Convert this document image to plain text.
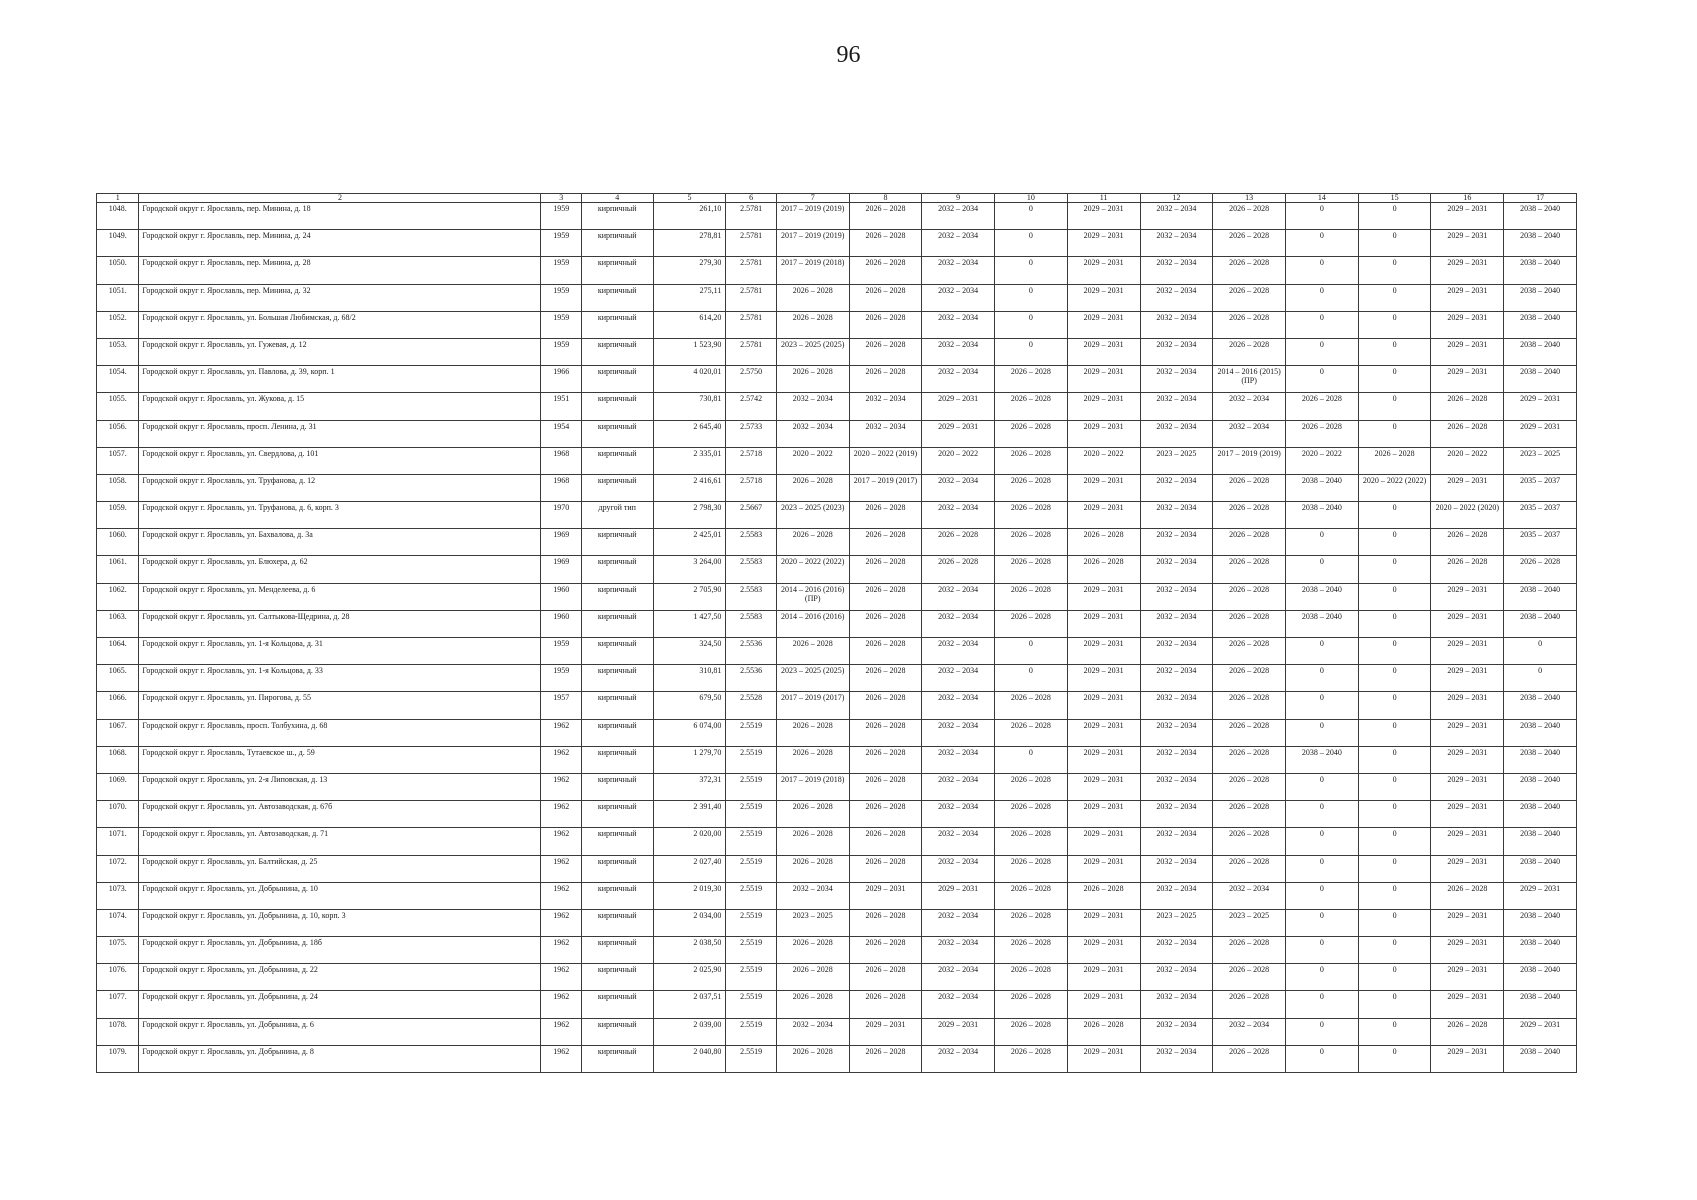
96
1	2	3	4	5	6	7	8	9	10	11	12	13	14	15	16	17
1048.	Городской округ г. Ярославль, пер. Минина, д. 18	1959	кирпичный	261,10	2.5781	2017 – 2019 (2019)	2026 – 2028	2032 – 2034	0	2029 – 2031	2032 – 2034	2026 – 2028	0	0	2029 – 2031	2038 – 2040
1049.	Городской округ г. Ярославль, пер. Минина, д. 24	1959	кирпичный	278,81	2.5781	2017 – 2019 (2019)	2026 – 2028	2032 – 2034	0	2029 – 2031	2032 – 2034	2026 – 2028	0	0	2029 – 2031	2038 – 2040
1050.	Городской округ г. Ярославль, пер. Минина, д. 28	1959	кирпичный	279,30	2.5781	2017 – 2019 (2018)	2026 – 2028	2032 – 2034	0	2029 – 2031	2032 – 2034	2026 – 2028	0	0	2029 – 2031	2038 – 2040
1051.	Городской округ г. Ярославль, пер. Минина, д. 32	1959	кирпичный	275,11	2.5781	2026 – 2028	2026 – 2028	2032 – 2034	0	2029 – 2031	2032 – 2034	2026 – 2028	0	0	2029 – 2031	2038 – 2040
1052.	Городской округ г. Ярославль, ул. Большая Любимская, д. 68/2	1959	кирпичный	614,20	2.5781	2026 – 2028	2026 – 2028	2032 – 2034	0	2029 – 2031	2032 – 2034	2026 – 2028	0	0	2029 – 2031	2038 – 2040
1053.	Городской округ г. Ярославль, ул. Гужевая, д. 12	1959	кирпичный	1 523,90	2.5781	2023 – 2025 (2025)	2026 – 2028	2032 – 2034	0	2029 – 2031	2032 – 2034	2026 – 2028	0	0	2029 – 2031	2038 – 2040
1054.	Городской округ г. Ярославль, ул. Павлова, д. 39, корп. 1	1966	кирпичный	4 020,01	2.5750	2026 – 2028	2026 – 2028	2032 – 2034	2026 – 2028	2029 – 2031	2032 – 2034	2014 – 2016 (2015) (ПР)	0	0	2029 – 2031	2038 – 2040
1055.	Городской округ г. Ярославль, ул. Жукова, д. 15	1951	кирпичный	730,81	2.5742	2032 – 2034	2032 – 2034	2029 – 2031	2026 – 2028	2029 – 2031	2032 – 2034	2032 – 2034	2026 – 2028	0	2026 – 2028	2029 – 2031
1056.	Городской округ г. Ярославль, просп. Ленина, д. 31	1954	кирпичный	2 645,40	2.5733	2032 – 2034	2032 – 2034	2029 – 2031	2026 – 2028	2029 – 2031	2032 – 2034	2032 – 2034	2026 – 2028	0	2026 – 2028	2029 – 2031
1057.	Городской округ г. Ярославль, ул. Свердлова, д. 101	1968	кирпичный	2 335,01	2.5718	2020 – 2022	2020 – 2022 (2019)	2020 – 2022	2026 – 2028	2020 – 2022	2023 – 2025	2017 – 2019 (2019)	2020 – 2022	2026 – 2028	2020 – 2022	2023 – 2025
1058.	Городской округ г. Ярославль, ул. Труфанова, д. 12	1968	кирпичный	2 416,61	2.5718	2026 – 2028	2017 – 2019 (2017)	2032 – 2034	2026 – 2028	2029 – 2031	2032 – 2034	2026 – 2028	2038 – 2040	2020 – 2022 (2022)	2029 – 2031	2035 – 2037
1059.	Городской округ г. Ярославль, ул. Труфанова, д. 6, корп. 3	1970	другой тип	2 798,30	2.5667	2023 – 2025 (2023)	2026 – 2028	2032 – 2034	2026 – 2028	2029 – 2031	2032 – 2034	2026 – 2028	2038 – 2040	0	2020 – 2022 (2020)	2035 – 2037
1060.	Городской округ г. Ярославль, ул. Бахвалова, д. 3а	1969	кирпичный	2 425,01	2.5583	2026 – 2028	2026 – 2028	2026 – 2028	2026 – 2028	2026 – 2028	2032 – 2034	2026 – 2028	0	0	2026 – 2028	2035 – 2037
1061.	Городской округ г. Ярославль, ул. Блюхера, д. 62	1969	кирпичный	3 264,00	2.5583	2020 – 2022 (2022)	2026 – 2028	2026 – 2028	2026 – 2028	2026 – 2028	2032 – 2034	2026 – 2028	0	0	2026 – 2028	2026 – 2028
1062.	Городской округ г. Ярославль, ул. Менделеева, д. 6	1960	кирпичный	2 705,90	2.5583	2014 – 2016 (2016) (ПР)	2026 – 2028	2032 – 2034	2026 – 2028	2029 – 2031	2032 – 2034	2026 – 2028	2038 – 2040	0	2029 – 2031	2038 – 2040
1063.	Городской округ г. Ярославль, ул. Салтыкова-Щедрина, д. 28	1960	кирпичный	1 427,50	2.5583	2014 – 2016 (2016)	2026 – 2028	2032 – 2034	2026 – 2028	2029 – 2031	2032 – 2034	2026 – 2028	2038 – 2040	0	2029 – 2031	2038 – 2040
1064.	Городской округ г. Ярославль, ул. 1-я Кольцова, д. 31	1959	кирпичный	324,50	2.5536	2026 – 2028	2026 – 2028	2032 – 2034	0	2029 – 2031	2032 – 2034	2026 – 2028	0	0	2029 – 2031	0
1065.	Городской округ г. Ярославль, ул. 1-я Кольцова, д. 33	1959	кирпичный	310,81	2.5536	2023 – 2025 (2025)	2026 – 2028	2032 – 2034	0	2029 – 2031	2032 – 2034	2026 – 2028	0	0	2029 – 2031	0
1066.	Городской округ г. Ярославль, ул. Пирогова, д. 55	1957	кирпичный	679,50	2.5528	2017 – 2019 (2017)	2026 – 2028	2032 – 2034	2026 – 2028	2029 – 2031	2032 – 2034	2026 – 2028	0	0	2029 – 2031	2038 – 2040
1067.	Городской округ г. Ярославль, просп. Толбухина, д. 68	1962	кирпичный	6 074,00	2.5519	2026 – 2028	2026 – 2028	2032 – 2034	2026 – 2028	2029 – 2031	2032 – 2034	2026 – 2028	0	0	2029 – 2031	2038 – 2040
1068.	Городской округ г. Ярославль, Тутаевское ш., д. 59	1962	кирпичный	1 279,70	2.5519	2026 – 2028	2026 – 2028	2032 – 2034	0	2029 – 2031	2032 – 2034	2026 – 2028	2038 – 2040	0	2029 – 2031	2038 – 2040
1069.	Городской округ г. Ярославль, ул. 2-я Липовская, д. 13	1962	кирпичный	372,31	2.5519	2017 – 2019 (2018)	2026 – 2028	2032 – 2034	2026 – 2028	2029 – 2031	2032 – 2034	2026 – 2028	0	0	2029 – 2031	2038 – 2040
1070.	Городской округ г. Ярославль, ул. Автозаводская, д. 67б	1962	кирпичный	2 391,40	2.5519	2026 – 2028	2026 – 2028	2032 – 2034	2026 – 2028	2029 – 2031	2032 – 2034	2026 – 2028	0	0	2029 – 2031	2038 – 2040
1071.	Городской округ г. Ярославль, ул. Автозаводская, д. 71	1962	кирпичный	2 020,00	2.5519	2026 – 2028	2026 – 2028	2032 – 2034	2026 – 2028	2029 – 2031	2032 – 2034	2026 – 2028	0	0	2029 – 2031	2038 – 2040
1072.	Городской округ г. Ярославль, ул. Балтийская, д. 25	1962	кирпичный	2 027,40	2.5519	2026 – 2028	2026 – 2028	2032 – 2034	2026 – 2028	2029 – 2031	2032 – 2034	2026 – 2028	0	0	2029 – 2031	2038 – 2040
1073.	Городской округ г. Ярославль, ул. Добрынина, д. 10	1962	кирпичный	2 019,30	2.5519	2032 – 2034	2029 – 2031	2029 – 2031	2026 – 2028	2026 – 2028	2032 – 2034	2032 – 2034	0	0	2026 – 2028	2029 – 2031
1074.	Городской округ г. Ярославль, ул. Добрынина, д. 10, корп. 3	1962	кирпичный	2 034,00	2.5519	2023 – 2025	2026 – 2028	2032 – 2034	2026 – 2028	2029 – 2031	2023 – 2025	2023 – 2025	0	0	2029 – 2031	2038 – 2040
1075.	Городской округ г. Ярославль, ул. Добрынина, д. 18б	1962	кирпичный	2 038,50	2.5519	2026 – 2028	2026 – 2028	2032 – 2034	2026 – 2028	2029 – 2031	2032 – 2034	2026 – 2028	0	0	2029 – 2031	2038 – 2040
1076.	Городской округ г. Ярославль, ул. Добрынина, д. 22	1962	кирпичный	2 025,90	2.5519	2026 – 2028	2026 – 2028	2032 – 2034	2026 – 2028	2029 – 2031	2032 – 2034	2026 – 2028	0	0	2029 – 2031	2038 – 2040
1077.	Городской округ г. Ярославль, ул. Добрынина, д. 24	1962	кирпичный	2 037,51	2.5519	2026 – 2028	2026 – 2028	2032 – 2034	2026 – 2028	2029 – 2031	2032 – 2034	2026 – 2028	0	0	2029 – 2031	2038 – 2040
1078.	Городской округ г. Ярославль, ул. Добрынина, д. 6	1962	кирпичный	2 039,00	2.5519	2032 – 2034	2029 – 2031	2029 – 2031	2026 – 2028	2026 – 2028	2032 – 2034	2032 – 2034	0	0	2026 – 2028	2029 – 2031
1079.	Городской округ г. Ярославль, ул. Добрынина, д. 8	1962	кирпичный	2 040,80	2.5519	2026 – 2028	2026 – 2028	2032 – 2034	2026 – 2028	2029 – 2031	2032 – 2034	2026 – 2028	0	0	2029 – 2031	2038 – 2040
